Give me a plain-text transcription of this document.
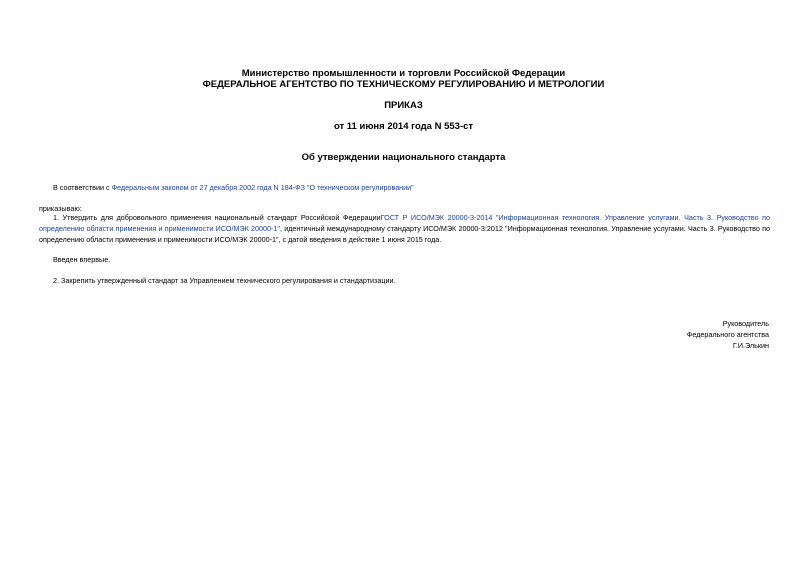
Министерство промышленности и торговли Российской Федерации
ФЕДЕРАЛЬНОЕ АГЕНТСТВО ПО ТЕХНИЧЕСКОМУ РЕГУЛИРОВАНИЮ И МЕТРОЛОГИИ
ПРИКАЗ
от 11 июня 2014 года N 553-ст
Об утверждении национального стандарта
В соответствии с Федеральным законом от 27 декабря 2002 года N 184-ФЗ "О техническом регулировании"
приказываю:
1. Утвердить для добровольного применения национальный стандарт Российской ФедерацииГОСТ Р ИСО/МЭК 20000-3-2014 "Информационная технология. Управление услугами. Часть 3. Руководство по
определению области применения и применимости ИСО/МЭК 20000-1", идентичный международному стандарту ИСО/МЭК 20000-3:2012 "Информационная технология. Управление услугами. Часть 3. Руководство по
определению области применения и применимости ИСО/МЭК 20000-1", с датой введения в действие 1 июня 2015 года.
Введен впервые.
2. Закрепить утвержденный стандарт за Управлением технического регулирования и стандартизации.
Руководитель
Федерального агентства
Г.И.Элькин
